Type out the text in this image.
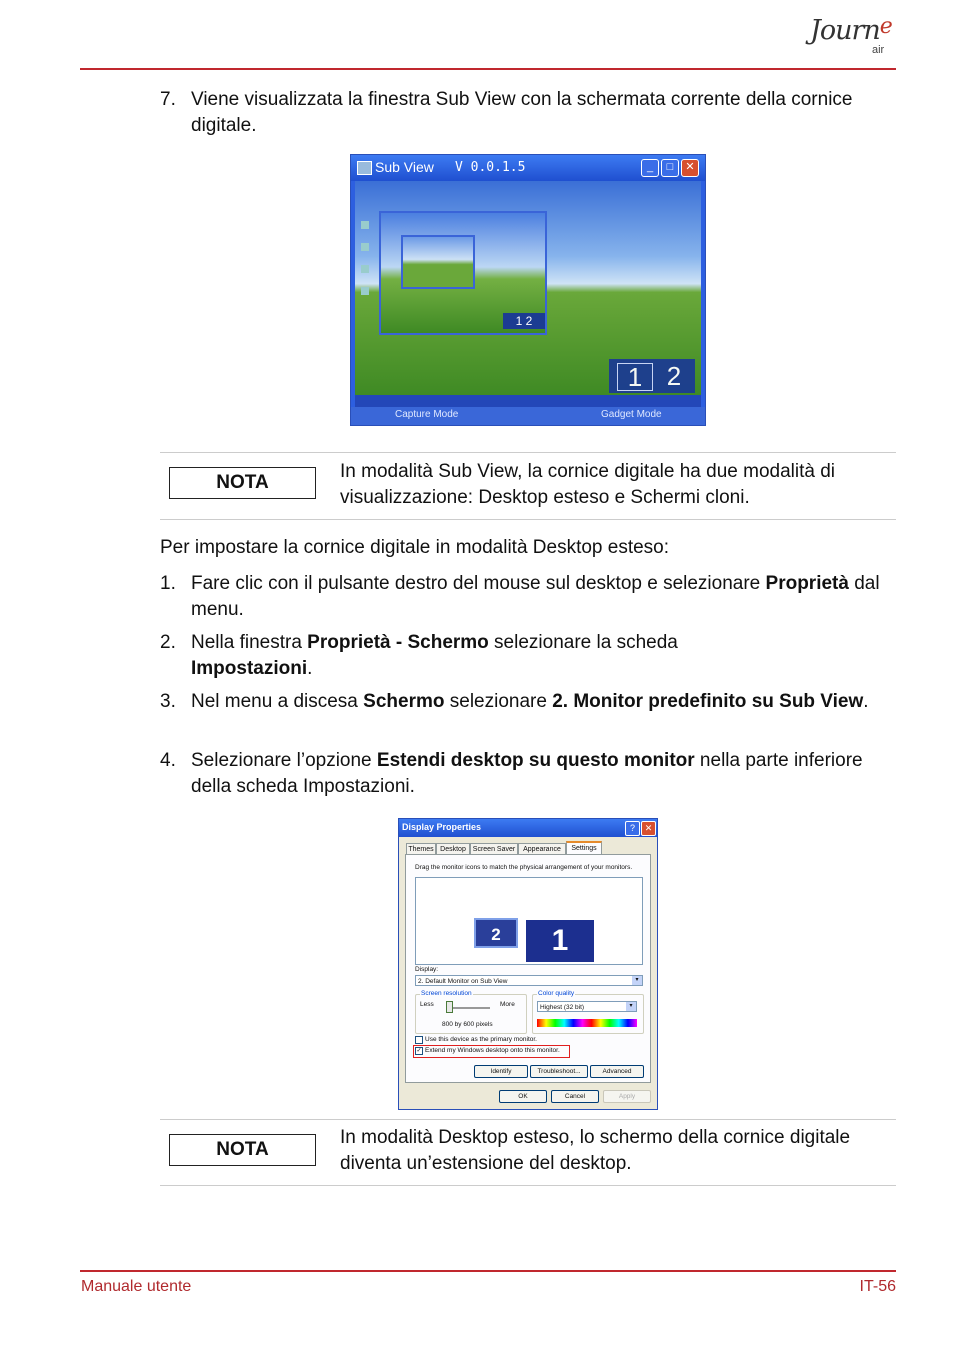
Journ$^e$
air
7. Viene visualizzata la finestra Sub View con la schermata corrente della cornice digitale.
Sub View V 0.0.1.5	_	□	✕
1 2
1 2
Capture Mode	Gadget Mode
NOTA
In modalità Sub View, la cornice digitale ha due modalità di visualizzazione: Desktop esteso e Schermi cloni.
Per impostare la cornice digitale in modalità Desktop esteso:
1. Fare clic con il pulsante destro del mouse sul desktop e selezionare Proprietà dal menu.
2. Nella finestra Proprietà - Schermo selezionare la scheda
Impostazioni.
3. Nel menu a discesa Schermo selezionare 2. Monitor predefinito su Sub View.
4. Selezionare l’opzione Estendi desktop su questo monitor nella parte inferiore della scheda Impostazioni.
Display Properties	?	✕
Themes Desktop Screen Saver	Appearance	Settings
Drag the monitor icons to match the physical arrangement of your monitors.
2	1
Display:
2. Default Monitor on Sub View	▾
Screen resolution
Less	More
800 by 600 pixels
Color quality
Highest (32 bit)	▾
Use this device as the primary monitor.
✓ Extend my Windows desktop onto this monitor.
Identify	Troubleshoot...	Advanced
OK	Cancel	Apply
NOTA
In modalità Desktop esteso, lo schermo della cornice digitale diventa un’estensione del desktop.
Manuale utente	IT-56
